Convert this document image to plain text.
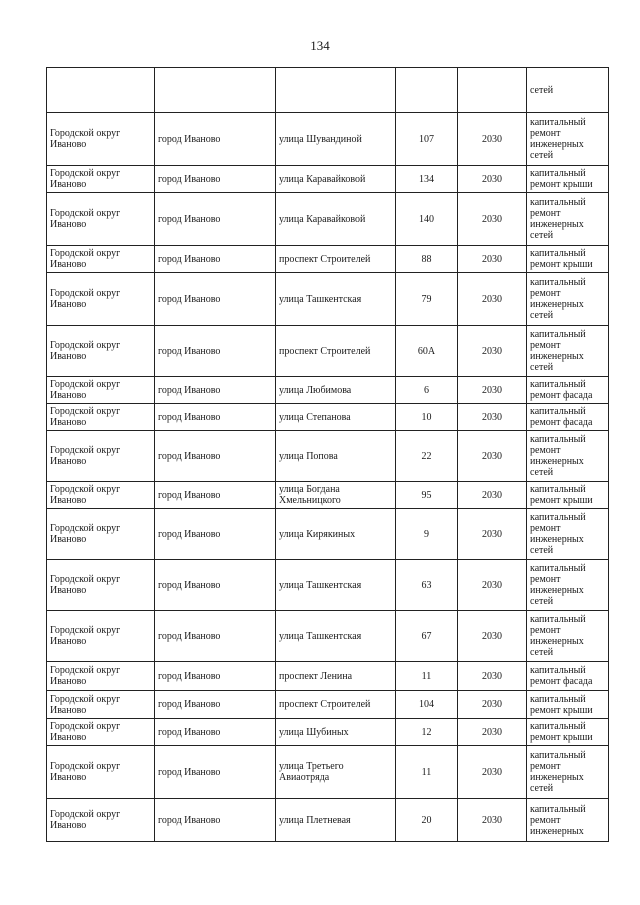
134
					сетей
Городской округ Иваново	город Иваново	улица Шувандиной	107	2030	капитальный ремонт инженерных сетей
Городской округ Иваново	город Иваново	улица Каравайковой	134	2030	капитальный ремонт крыши
Городской округ Иваново	город Иваново	улица Каравайковой	140	2030	капитальный ремонт инженерных сетей
Городской округ Иваново	город Иваново	проспект Строителей	88	2030	капитальный ремонт крыши
Городской округ Иваново	город Иваново	улица Ташкентская	79	2030	капитальный ремонт инженерных сетей
Городской округ Иваново	город Иваново	проспект Строителей	60А	2030	капитальный ремонт инженерных сетей
Городской округ Иваново	город Иваново	улица Любимова	6	2030	капитальный ремонт фасада
Городской округ Иваново	город Иваново	улица Степанова	10	2030	капитальный ремонт фасада
Городской округ Иваново	город Иваново	улица Попова	22	2030	капитальный ремонт инженерных сетей
Городской округ Иваново	город Иваново	улица Богдана Хмельницкого	95	2030	капитальный ремонт крыши
Городской округ Иваново	город Иваново	улица Кирякиных	9	2030	капитальный ремонт инженерных сетей
Городской округ Иваново	город Иваново	улица Ташкентская	63	2030	капитальный ремонт инженерных сетей
Городской округ Иваново	город Иваново	улица Ташкентская	67	2030	капитальный ремонт инженерных сетей
Городской округ Иваново	город Иваново	проспект Ленина	11	2030	капитальный ремонт фасада
Городской округ Иваново	город Иваново	проспект Строителей	104	2030	капитальный ремонт крыши
Городской округ Иваново	город Иваново	улица Шубиных	12	2030	капитальный ремонт крыши
Городской округ Иваново	город Иваново	улица Третьего Авиаотряда	11	2030	капитальный ремонт инженерных сетей
Городской округ Иваново	город Иваново	улица Плетневая	20	2030	капитальный ремонт инженерных
